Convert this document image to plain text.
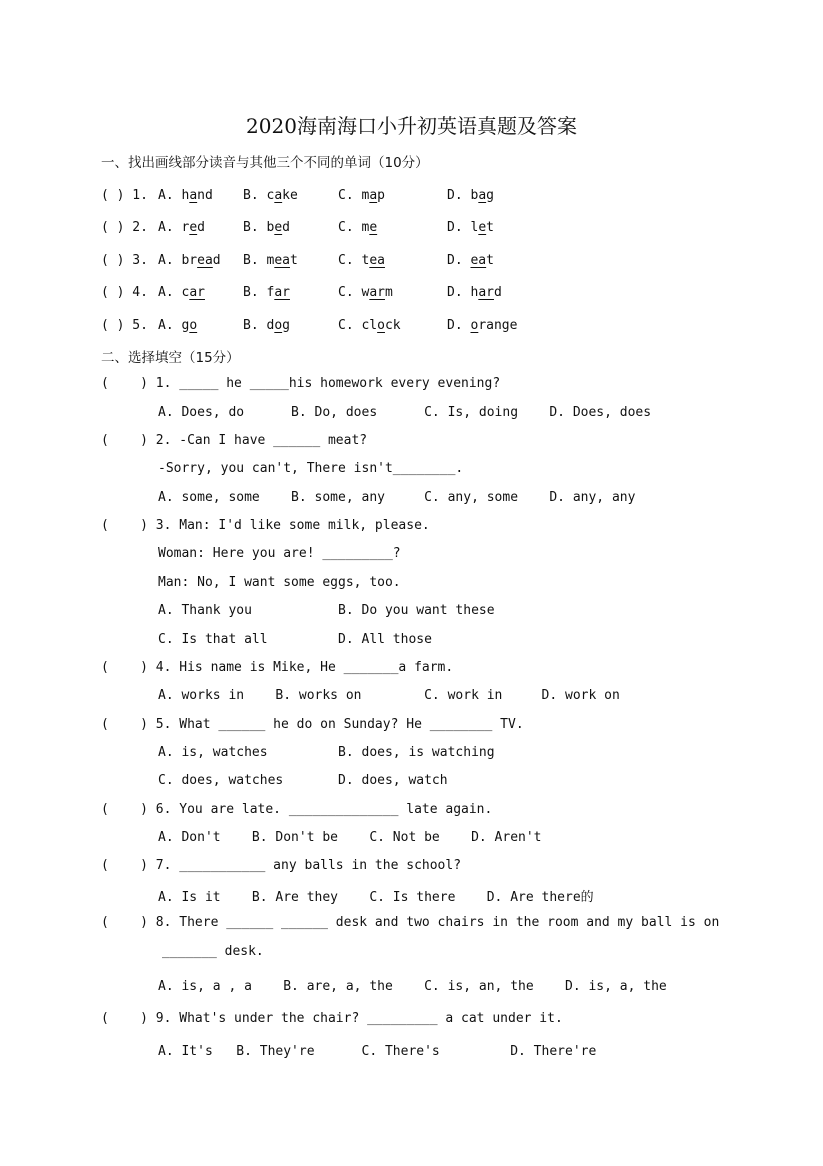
2020海南海口小升初英语真题及答案
一、找出画线部分读音与其他三个不同的单词（10分）
( ) 1. A. hand B. cake	C. map	D. bag
( ) 2. A. red	B. bed	C. me	D. let
( ) 3. A. bread B. meat	C. tea	D. eat
( ) 4. A. car	B. far	C. warm	D. hard
( ) 5. A. go	B. dog	C. clock	D. orange
二、选择填空（15分）
(    ) 1. _____ he _____his homework every evening?
A. Does, do      B. Do, does      C. Is, doing    D. Does, does
(    ) 2. -Can I have ______ meat?
-Sorry, you can't, There isn't________.
A. some, some    B. some, any     C. any, some    D. any, any
(    ) 3. Man: I'd like some milk, please.
Woman: Here you are! _________?
Man: No, I want some eggs, too.
A. Thank you           B. Do you want these
C. Is that all         D. All those
(    ) 4. His name is Mike, He _______a farm.
A. works in    B. works on        C. work in     D. work on
(    ) 5. What ______ he do on Sunday? He ________ TV.
A. is, watches         B. does, is watching
C. does, watches       D. does, watch
(    ) 6. You are late. ______________ late again.
A. Don't    B. Don't be    C. Not be    D. Aren't
(    ) 7. ___________ any balls in the school?
A. Is it    B. Are they    C. Is there    D. Are there的
(    ) 8. There ______ ______ desk and two chairs in the room and my ball is on
_______ desk.
A. is, a , a    B. are, a, the    C. is, an, the    D. is, a, the
(    ) 9. What's under the chair? _________ a cat under it.
A. It's   B. They're      C. There's         D. There're
